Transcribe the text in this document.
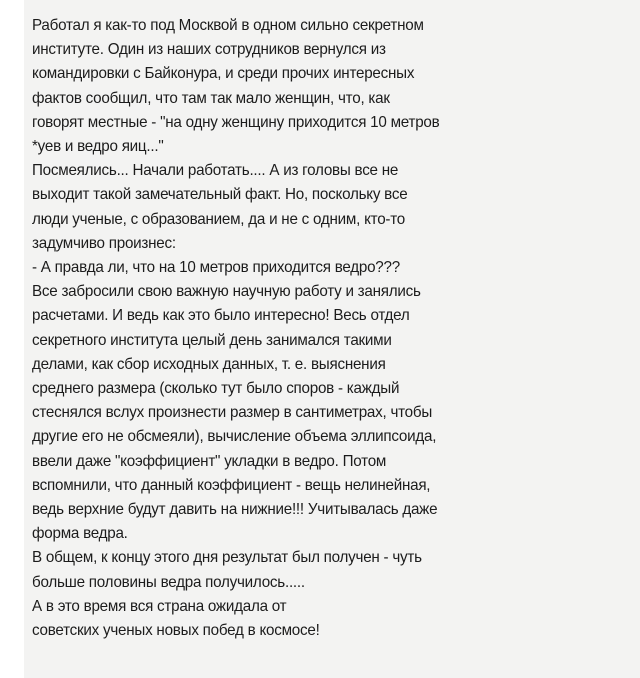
Работал я как-то под Москвой в одном сильно секретном
институте. Один из наших сотрудников вернулся из
командировки с Байконура, и среди прочих интересных
фактов сообщил, что там так мало женщин, что, как
говорят местные - "на одну женщину приходится 10 метров
*уев и ведро яиц..."
Посмеялись... Начали работать.... А из головы все не
выходит такой замечательный факт. Но, поскольку все
люди ученые, с образованием, да и не с одним, кто-то
задумчиво произнес:
- А правда ли, что на 10 метров приходится ведро???
Все забросили свою важную научную работу и занялись
расчетами. И ведь как это было интересно! Весь отдел
секретного института целый день занимался такими
делами, как сбор исходных данных, т. е. выяснения
среднего размера (сколько тут было споров - каждый
стеснялся вслух произнести размер в сантиметрах, чтобы
другие его не обсмеяли), вычисление объема эллипсоида,
ввели даже "коэффициент" укладки в ведро. Потом
вспомнили, что данный коэффициент - вещь нелинейная,
ведь верхние будут давить на нижние!!! Учитывалась даже
форма ведра.
В общем, к концу этого дня результат был получен - чуть
больше половины ведра получилось.....
А в это время вся страна ожидала от
советских ученых новых побед в космосе!
